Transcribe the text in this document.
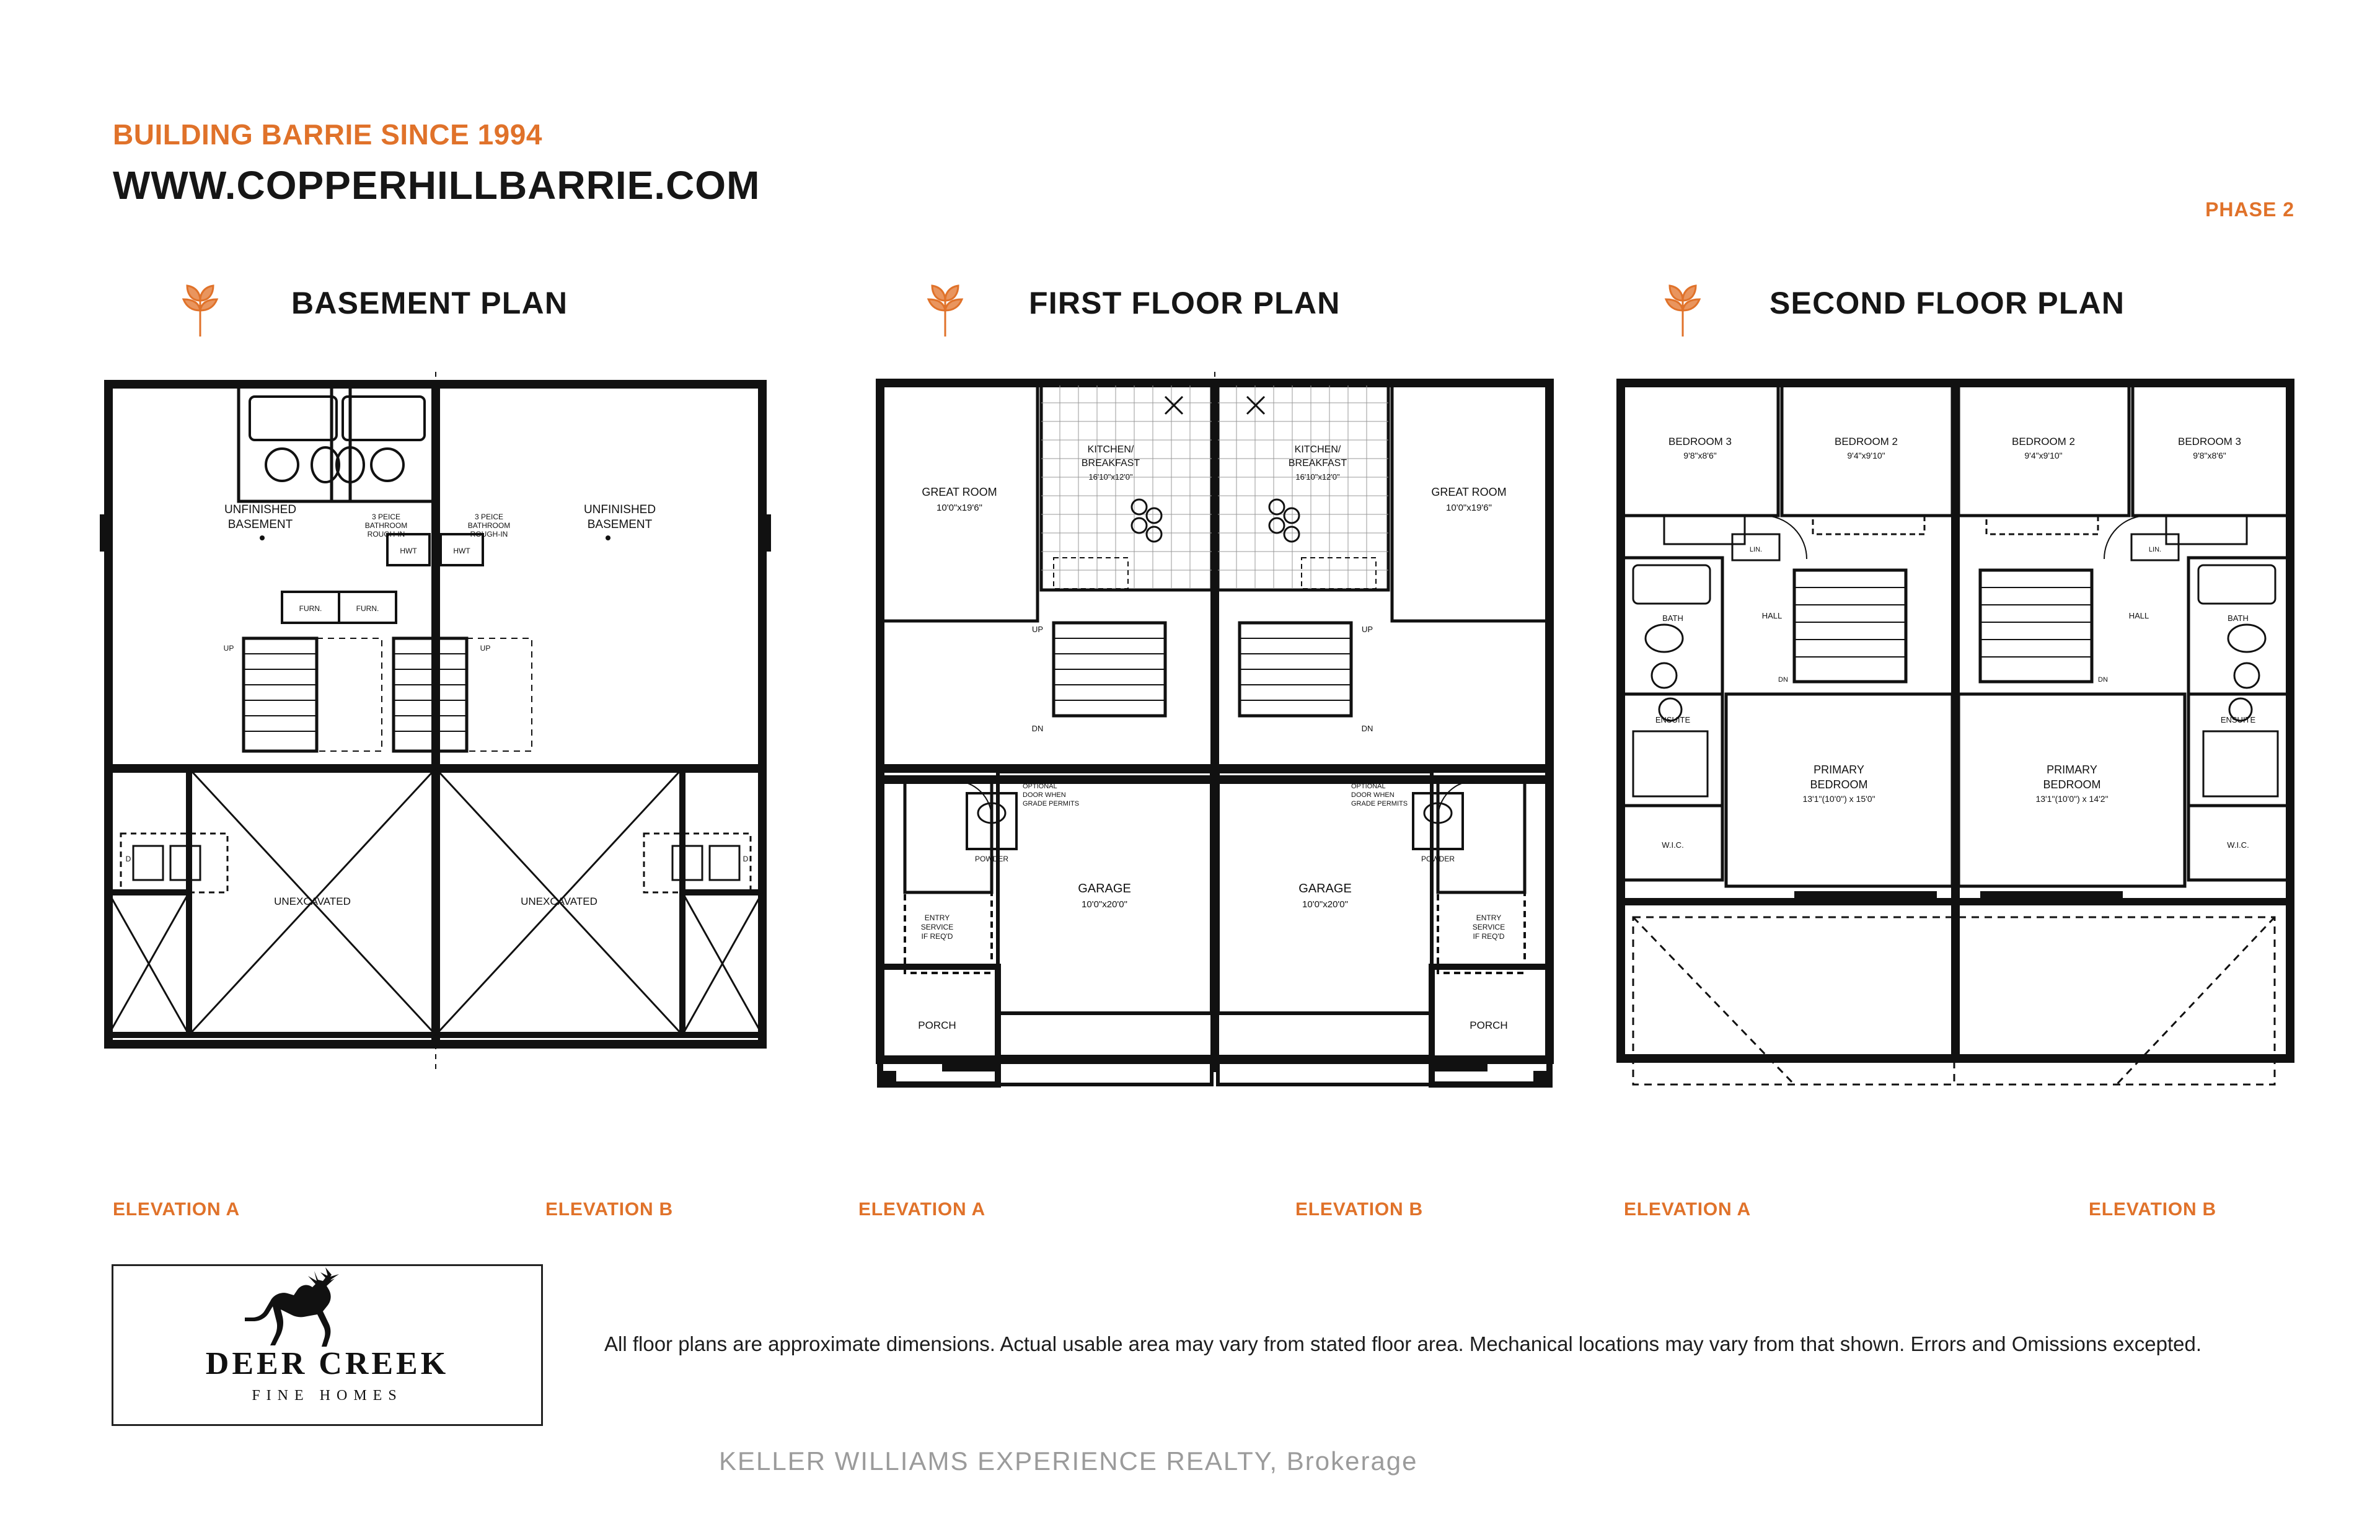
BUILDING BARRIE SINCE 1994
WWW.COPPERHILLBARRIE.COM
PHASE 2
BASEMENT PLAN	FIRST FLOOR PLAN	SECOND FLOOR PLAN
UNFINISHED
BASEMENT
UNFINISHED
BASEMENT
3 PEICE
BATHROOM
ROUGH-IN
3 PEICE
BATHROOM
ROUGH-IN
HWT	HWT
FURN.	FURN.
UP	UP
D	D
UNEXCAVATED	UNEXCAVATED
GREAT ROOM
10'0"x19'6"
GREAT ROOM
10'0"x19'6"
KITCHEN/
BREAKFAST
16'10"x12'0"
KITCHEN/
BREAKFAST
16'10"x12'0"
GARAGE
10'0"x20'0"
GARAGE
10'0"x20'0"
PORCH	PORCH
POWDER	POWDER
ENTRY
SERVICE
IF REQ'D
ENTRY
SERVICE
IF REQ'D
OPTIONAL
DOOR WHEN
GRADE PERMITS
OPTIONAL
DOOR WHEN
GRADE PERMITS
UP	UP
DN	DN
BEDROOM 3
9'8"x8'6"
BEDROOM 2
9'4"x9'10"
BEDROOM 2
9'4"x9'10"
BEDROOM 3
9'8"x8'6"
PRIMARY
BEDROOM
13'1"(10'0") x 15'0"
PRIMARY
BEDROOM
13'1"(10'0") x 14'2"
BATH	BATH
ENSUITE	ENSUITE
HALL	HALL
W.I.C.	W.I.C.
LIN.	LIN.
DN	DN
ELEVATION A	ELEVATION B	ELEVATION A	ELEVATION B	ELEVATION A	ELEVATION B
DEER CREEK
FINE HOMES
All floor plans are approximate dimensions. Actual usable area may vary from stated floor area. Mechanical locations may vary from that shown. Errors and Omissions excepted.
KELLER WILLIAMS EXPERIENCE REALTY, Brokerage
